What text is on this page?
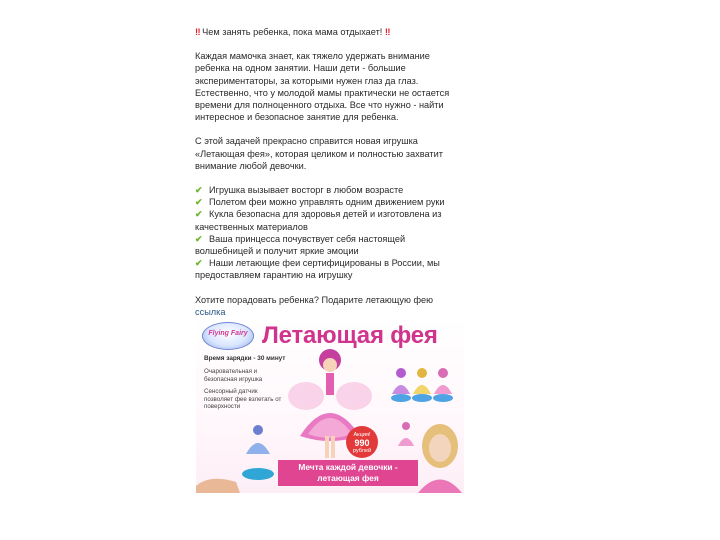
‼ Чем занять ребенка, пока мама отдыхает! ‼

Каждая мамочка знает, как тяжело удержать внимание
ребенка на одном занятии. Наши дети - большие
экспериментаторы, за которыми нужен глаз да глаз.
Естественно, что у молодой мамы практически не остается
времени для полноценного отдыха. Все что нужно - найти
интересное и безопасное занятие для ребенка.

С этой задачей прекрасно справится новая игрушка
«Летающая фея», которая целиком и полностью захватит
внимание любой девочки.

✔ Игрушка вызывает восторг в любом возрасте

✔ Полетом феи можно управлять одним движением руки

✔ Кукла безопасна для здоровья детей и изготовлена из
качественных материалов

✔ Ваша принцесса почувствует себя настоящей
волшебницей и получит яркие эмоции

✔ Наши летающие феи сертифицированы в России, мы
предоставляем гарантию на игрушку

Хотите порадовать ребенка? Подарите летающую фею ссылка

Flying Fairy Летающая фея
Время зарядки - 30 минут
Очаровательная и безопасная игрушка
Сенсорный датчик позволяет фее взлетать от поверхности
Акция!
990
рублей
Мечта каждой девочки - летающая фея
